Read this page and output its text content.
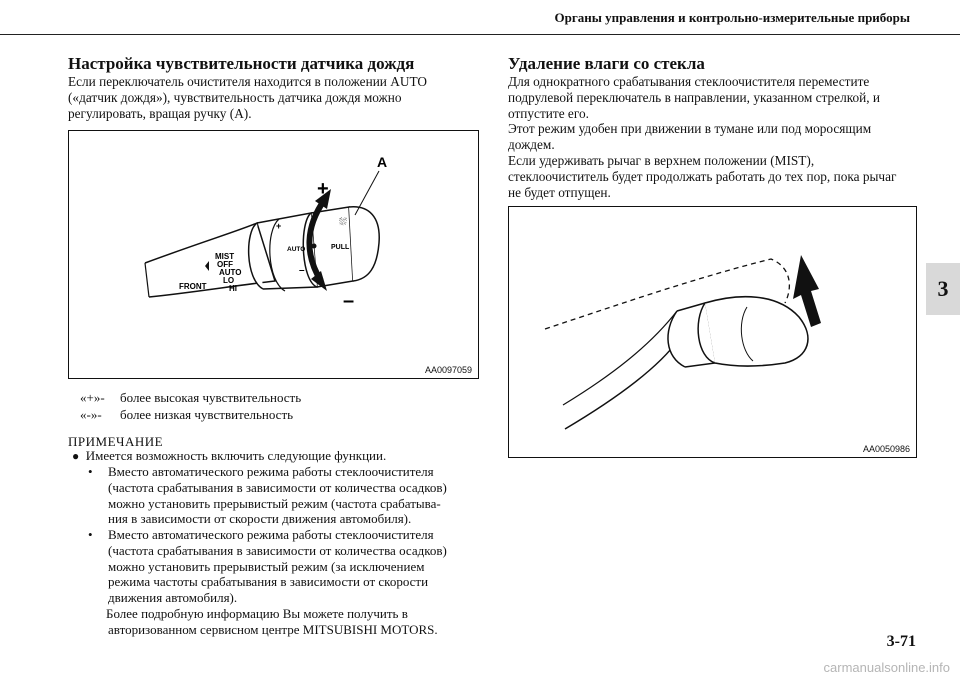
Органы управления и контрольно-измерительные приборы
3
Настройка чувствительности датчика дождя

Если переключатель очистителя находится в положении AUTO

(«датчик дождя»), чувствительность датчика дождя можно

регулировать, вращая ручку (A).

+
–
+
–
A
AUTO	PULL
⛆
MIST
OFF
AUTO
LO
HI
FRONT
AA0097059
«+»- более высокая чувствительность
«-»- более низкая чувствительность
ПРИМЕЧАНИЕ
● Имеется возможность включить следующие функции.
• Вместо автоматического режима работы стеклоочистителя
(частота срабатывания в зависимости от количества осадков)
можно установить прерывистый режим (частота срабатыва-
ния в зависимости от скорости движения автомобиля).
• Вместо автоматического режима работы стеклоочистителя
(частота срабатывания в зависимости от количества осадков)
можно установить прерывистый режим (за исключением
режима частоты срабатывания в зависимости от скорости
движения автомобиля).
Более подробную информацию Вы можете получить в
авторизованном сервисном центре MITSUBISHI MOTORS.
Удаление влаги со стекла

Для однократного срабатывания стеклоочистителя переместите

подрулевой переключатель в направлении, указанном стрелкой, и

отпустите его.

Этот режим удобен при движении в тумане или под моросящим

дождем.

Если удерживать рычаг в верхнем положении (MIST),

стеклоочиститель будет продолжать работать до тех пор, пока рычаг

не будет отпущен.

AA0050986
3-71
carmanualsonline.info
